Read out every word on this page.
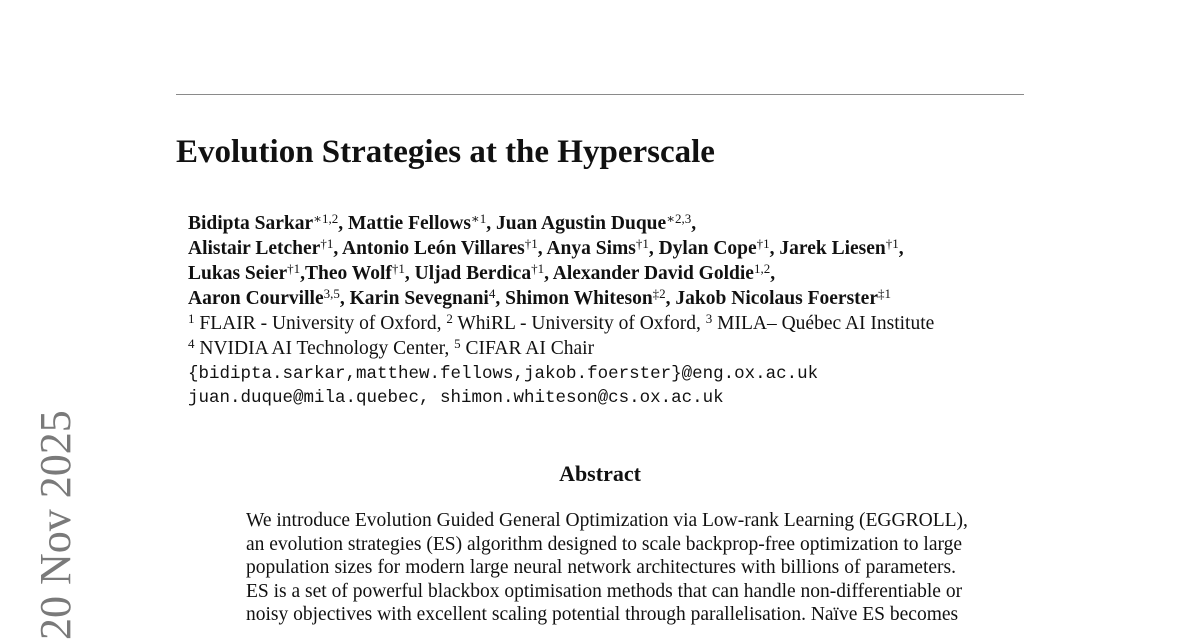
Evolution Strategies at the Hyperscale
Bidipta Sarkar$^{∗1,2}$, Mattie Fellows$^{∗1}$, Juan Agustin Duque$^{∗2,3}$,
Alistair Letcher$^{\dagger 1}$, Antonio León Villares$^{\dagger 1}$, Anya Sims$^{\dagger 1}$, Dylan Cope$^{\dagger 1}$, Jarek Liesen$^{\dagger 1}$,
Lukas Seier$^{\dagger 1}$,Theo Wolf$^{\dagger 1}$, Uljad Berdica$^{\dagger 1}$, Alexander David Goldie$^{1,2}$,
Aaron Courville$^{3,5}$, Karin Sevegnani$^4$, Shimon Whiteson$^{\ddagger 2}$, Jakob Nicolaus Foerster$^{\ddagger 1}$
$^1$ FLAIR - University of Oxford, $^2$ WhiRL - University of Oxford, $^3$ MILA– Québec AI Institute
$^4$ NVIDIA AI Technology Center, $^5$ CIFAR AI Chair
{bidipta.sarkar,matthew.fellows,jakob.foerster}@eng.ox.ac.uk
juan.duque@mila.quebec, shimon.whiteson@cs.ox.ac.uk
Abstract
We introduce Evolution Guided General Optimization via Low-rank Learning (EGGROLL),
an evolution strategies (ES) algorithm designed to scale backprop-free optimization to large
population sizes for modern large neural network architectures with billions of parameters.
ES is a set of powerful blackbox optimisation methods that can handle non-differentiable or
noisy objectives with excellent scaling potential through parallelisation. Naïve ES becomes
20 Nov 2025
